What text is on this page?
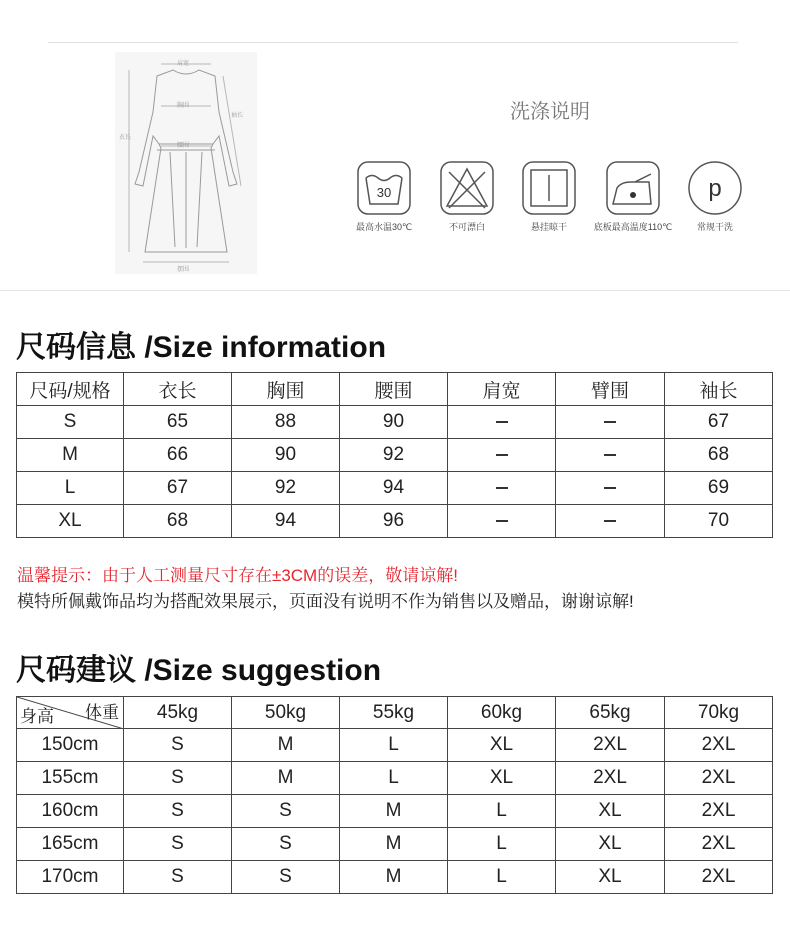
肩宽
胸围
腰围
衣长
袖长
摆围
洗涤说明
30
最高水温30℃	不可漂白	悬挂晾干	底板最高温度110℃
p
常规干洗
尺码信息 /Size information
尺码/规格	衣长	胸围	腰围	肩宽	臂围	袖长
S	65	88	90			67
M	66	90	92			68
L	67	92	94			69
XL	68	94	96			70
温馨提示：由于人工测量尺寸存在±3CM的误差，敬请谅解!
模特所佩戴饰品均为搭配效果展示，页面没有说明不作为销售以及赠品，谢谢谅解!
尺码建议 /Size suggestion
体重
身高	45kg	50kg	55kg	60kg	65kg	70kg
150cm	S	M	L	XL	2XL	2XL
155cm	S	M	L	XL	2XL	2XL
160cm	S	S	M	L	XL	2XL
165cm	S	S	M	L	XL	2XL
170cm	S	S	M	L	XL	2XL
